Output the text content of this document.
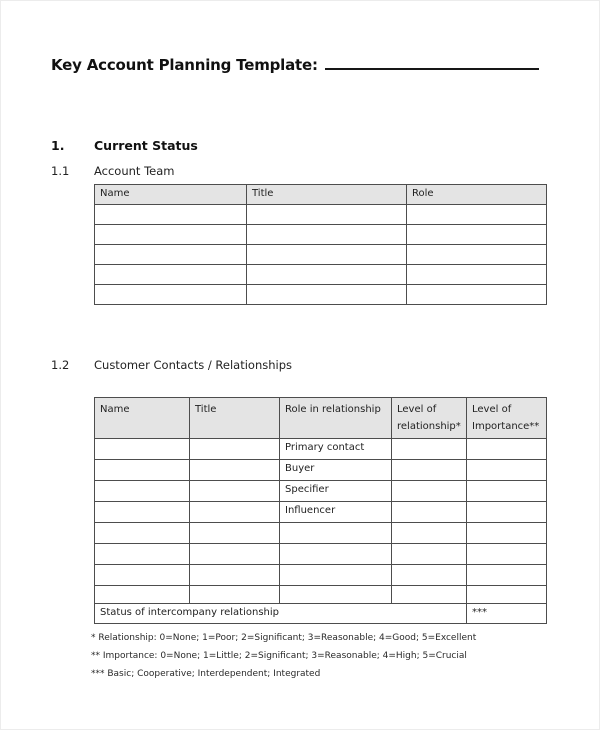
Key Account Planning Template:
1. Current Status
1.1 Account Team
Name	Title	Role

1.2 Customer Contacts / Relationships
Name	Title	Role in relationship	Level of relationship*	Level of Importance**
		Primary contact		
		Buyer		
		Specifier		
		Influencer		

Status of intercompany relationship				***
* Relationship: 0=None; 1=Poor; 2=Significant; 3=Reasonable; 4=Good; 5=Excellent
** Importance: 0=None; 1=Little; 2=Significant; 3=Reasonable; 4=High; 5=Crucial
*** Basic; Cooperative; Interdependent; Integrated
